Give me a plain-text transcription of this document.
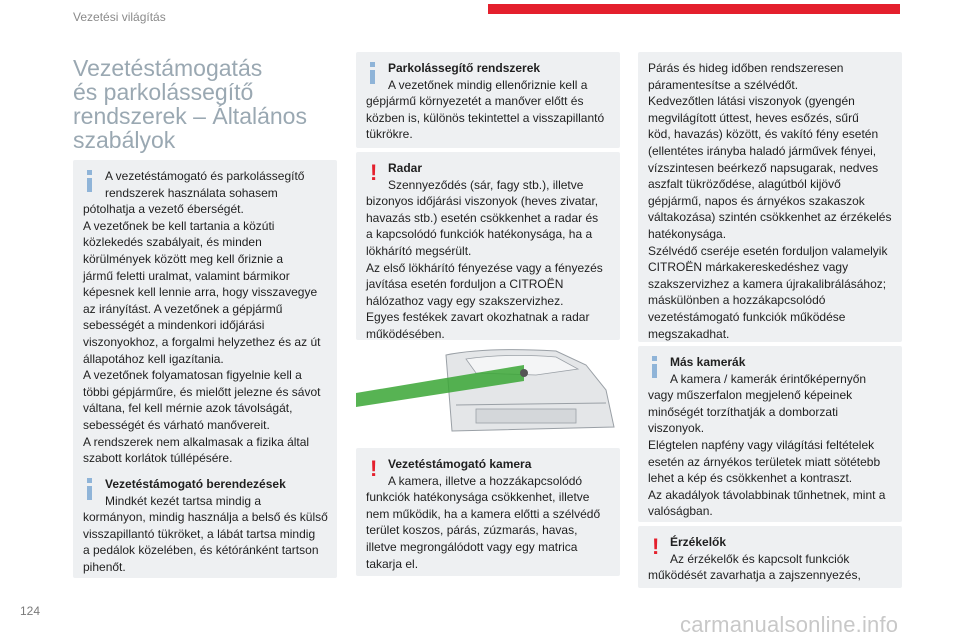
Vezetési világítás
Vezetéstámogatás
és parkolássegítő
rendszerek – Általános
szabályok
A vezetéstámogató és parkolássegítő
rendszerek használata sohasem
pótolhatja a vezető éberségét.
A vezetőnek be kell tartania a közúti
közlekedés szabályait, és minden
körülmények között meg kell őriznie a
jármű feletti uralmat, valamint bármikor
képesnek kell lennie arra, hogy visszavegye
az irányítást. A vezetőnek a gépjármű
sebességét a mindenkori időjárási
viszonyokhoz, a forgalmi helyzethez és az út
állapotához kell igazítania.
A vezetőnek folyamatosan figyelnie kell a
többi gépjárműre, és mielőtt jelezne és sávot
váltana, fel kell mérnie azok távolságát,
sebességét és várható manővereit.
A rendszerek nem alkalmasak a fizika által
szabott korlátok túllépésére.
Vezetéstámogató berendezések
Mindkét kezét tartsa mindig a
kormányon, mindig használja a belső és külső
visszapillantó tükröket, a lábát tartsa mindig
a pedálok közelében, és kétóránként tartson
pihenőt.
Parkolássegítő rendszerek
A vezetőnek mindig ellenőriznie kell a
gépjármű környezetét a manőver előtt és
közben is, különös tekintettel a visszapillantó
tükrökre.
! Radar
Szennyeződés (sár, fagy stb.), illetve
bizonyos időjárási viszonyok (heves zivatar,
havazás stb.) esetén csökkenhet a radar és
a kapcsolódó funkciók hatékonysága, ha a
lökhárító megsérült.
Az első lökhárító fényezése vagy a fényezés
javítása esetén forduljon a CITROËN
hálózathoz vagy egy szakszervizhez.
Egyes festékek zavart okozhatnak a radar
működésében.
! Vezetéstámogató kamera
A kamera, illetve a hozzákapcsolódó
funkciók hatékonysága csökkenhet, illetve
nem működik, ha a kamera előtti a szélvédő
terület koszos, párás, zúzmarás, havas,
illetve megrongálódott vagy egy matrica
takarja el.
Párás és hideg időben rendszeresen
páramentesítse a szélvédőt.
Kedvezőtlen látási viszonyok (gyengén
megvilágított úttest, heves esőzés, sűrű
köd, havazás) között, és vakító fény esetén
(ellentétes irányba haladó járművek fényei,
vízszintesen beérkező napsugarak, nedves
aszfalt tükröződése, alagútból kijövő
gépjármű, napos és árnyékos szakaszok
váltakozása) szintén csökkenhet az érzékelés
hatékonysága.
Szélvédő cseréje esetén forduljon valamelyik
CITROËN márkakereskedéshez vagy
szakszervizhez a kamera újrakalibrálásához;
máskülönben a hozzákapcsolódó
vezetéstámogató funkciók működése
megszakadhat.
Más kamerák
A kamera / kamerák érintőképernyőn
vagy műszerfalon megjelenő képeinek
minőségét torzíthatják a domborzati
viszonyok.
Elégtelen napfény vagy világítási feltételek
esetén az árnyékos területek miatt sötétebb
lehet a kép és csökkenhet a kontraszt.
Az akadályok távolabbinak tűnhetnek, mint a
valóságban.
! Érzékelők
Az érzékelők és kapcsolt funkciók
működését zavarhatja a zajszennyezés,
124
carmanualsonline.info
